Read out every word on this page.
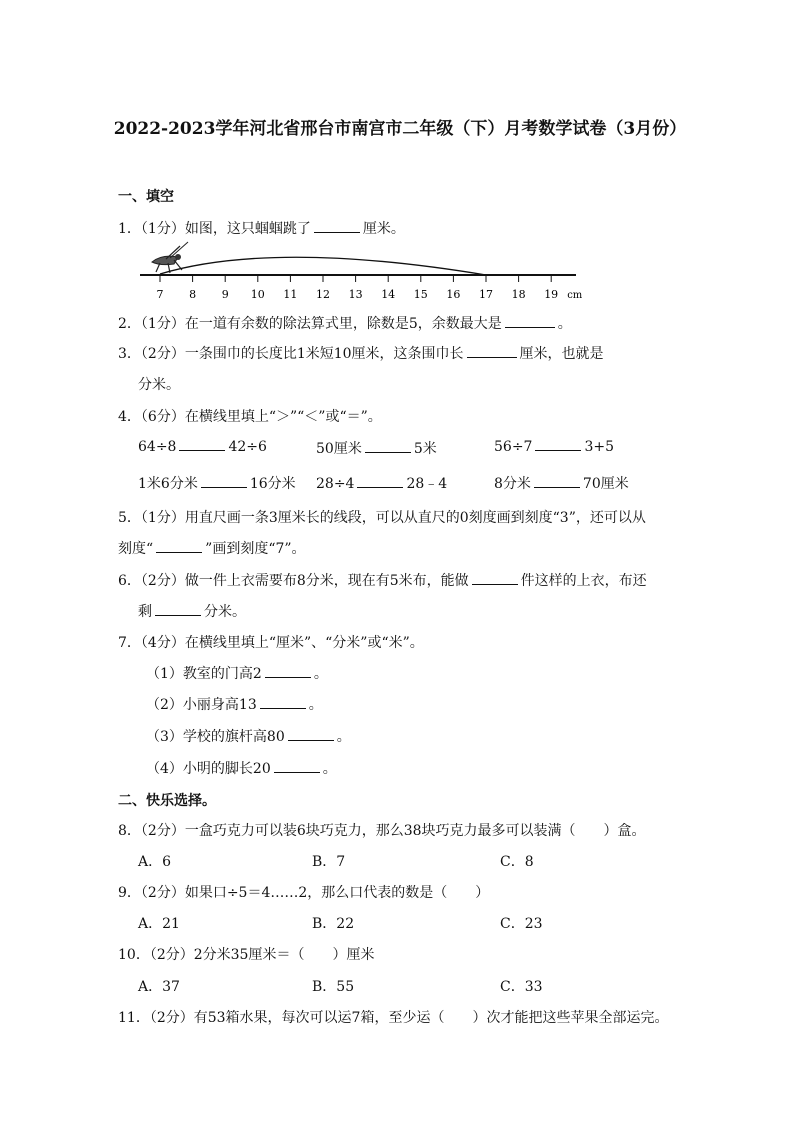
2022-2023学年河北省邢台市南宫市二年级（下）月考数学试卷（3月份）
一、填空
1．（1分）如图，这只蝈蝈跳了	厘米。
7 8 9 10 11 12 13 14 15 16 17 18 19 cm
2．（1分）在一道有余数的除法算式里，除数是5，余数最大是	。
3．（2分）一条围巾的长度比1米短10厘米，这条围巾长	厘米，也就是
分米。
4．（6分）在横线里填上“＞”“＜”或“＝”。
64÷8	42÷6	50厘米	5米	56÷7	3+5
1米6分米	16分米 28÷4	28﹣4	8分米	70厘米
5．（1分）用直尺画一条3厘米长的线段，可以从直尺的0刻度画到刻度“3”，还可以从
刻度“	”画到刻度“7”。
6．（2分）做一件上衣需要布8分米，现在有5米布，能做	件这样的上衣，布还
剩	分米。
7．（4分）在横线里填上“厘米”、“分米”或“米”。
（1）教室的门高2	。
（2）小丽身高13	。
（3）学校的旗杆高80	。
（4）小明的脚长20	。
二、快乐选择。
8．（2分）一盒巧克力可以装6块巧克力，那么38块巧克力最多可以装满（　　）盒。
A．6	B．7	C．8
9．（2分）如果口÷5＝4……2，那么口代表的数是（　　）
A．21	B．22	C．23
10．（2分）2分米35厘米＝（　　）厘米
A．37	B．55	C．33
11．（2分）有53箱水果，每次可以运7箱，至少运（　　）次才能把这些苹果全部运完。
